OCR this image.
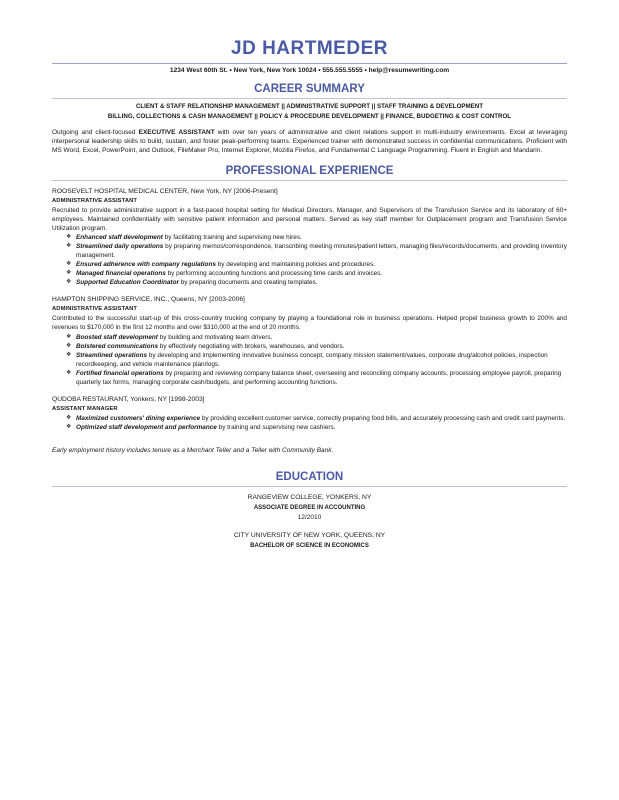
JD HARTMEDER
1234 West 60th St. • New York, New York 10024 • 555.555.5555 • help@resumewriting.com
CAREER SUMMARY
CLIENT & STAFF RELATIONSHIP MANAGEMENT || ADMINISTRATIVE SUPPORT || STAFF TRAINING & DEVELOPMENT
BILLING, COLLECTIONS & CASH MANAGEMENT || POLICY & PROCEDURE DEVELOPMENT || FINANCE, BUDGETING & COST CONTROL

Outgoing and client-focused EXECUTIVE ASSISTANT with over ten years of administrative and client relations support in multi-industry environments. Excel at leveraging interpersonal leadership skills to build, sustain, and foster peak-performing teams. Experienced trainer with demonstrated success in confidential communications. Proficient with MS Word, Excel, PowerPoint, and Outlook, FileMaker Pro, Internet Explorer, Mozilla Firefox, and Fundamental C Language Programming. Fluent in English and Mandarin.

PROFESSIONAL EXPERIENCE

ROOSEVELT HOSPITAL MEDICAL CENTER, New York, NY [2006-Present]

ADMINISTRATIVE ASSISTANT

Recruited to provide administrative support in a fast-paced hospital setting for Medical Directors, Manager, and Supervisors of the Transfusion Service and its laboratory of 60+ employees. Maintained confidentiality with sensitive patient information and personal matters. Served as key staff member for Outplacement program and Transfusion Service Utilization program.

❖ Enhanced staff development by facilitating training and supervising new hires.
❖ Streamlined daily operations by preparing memos/correspondence, transcribing meeting minutes/patient letters, managing files/records/documents, and providing inventory management.
❖ Ensured adherence with company regulations by developing and maintaining policies and procedures.
❖ Managed financial operations by performing accounting functions and processing time cards and invoices.
❖ Supported Education Coordinator by preparing documents and creating templates.

HAMPTON SHIPPING SERVICE, INC., Queens, NY [2003-2006]

ADMINISTRATIVE ASSISTANT

Contributed to the successful start-up of this cross-country trucking company by playing a foundational role in business operations. Helped propel business growth to 200% and revenues to $170,000 in the first 12 months and over $310,000 at the end of 20 months.

❖ Boosted staff development by building and motivating team drivers.
❖ Bolstered communications by effectively negotiating with brokers, warehouses, and vendors.
❖ Streamlined operations by developing and implementing innovative business concept, company mission statement/values, corporate drug/alcohol policies, inspection recordkeeping, and vehicle maintenance plan/logs.
❖ Fortified financial operations by preparing and reviewing company balance sheet, overseeing and reconciling company accounts, processing employee payroll, preparing quarterly tax forms, managing corporate cash/budgets, and performing accounting functions.

QUDOBA RESTAURANT, Yonkers, NY [1998-2003]

ASSISTANT MANAGER

❖ Maximized customers' dining experience by providing excellent customer service, correctly preparing food bills, and accurately processing cash and credit card payments.
❖ Optimized staff development and performance by training and supervising new cashiers.

Early employment history includes tenure as a Merchant Teller and a Teller with Community Bank.

EDUCATION

RANGEVIEW COLLEGE, YONKERS, NY

ASSOCIATE DEGREE IN ACCOUNTING

12/2010

CITY UNIVERSITY OF NEW YORK, QUEENS, NY

BACHELOR OF SCIENCE IN ECONOMICS
